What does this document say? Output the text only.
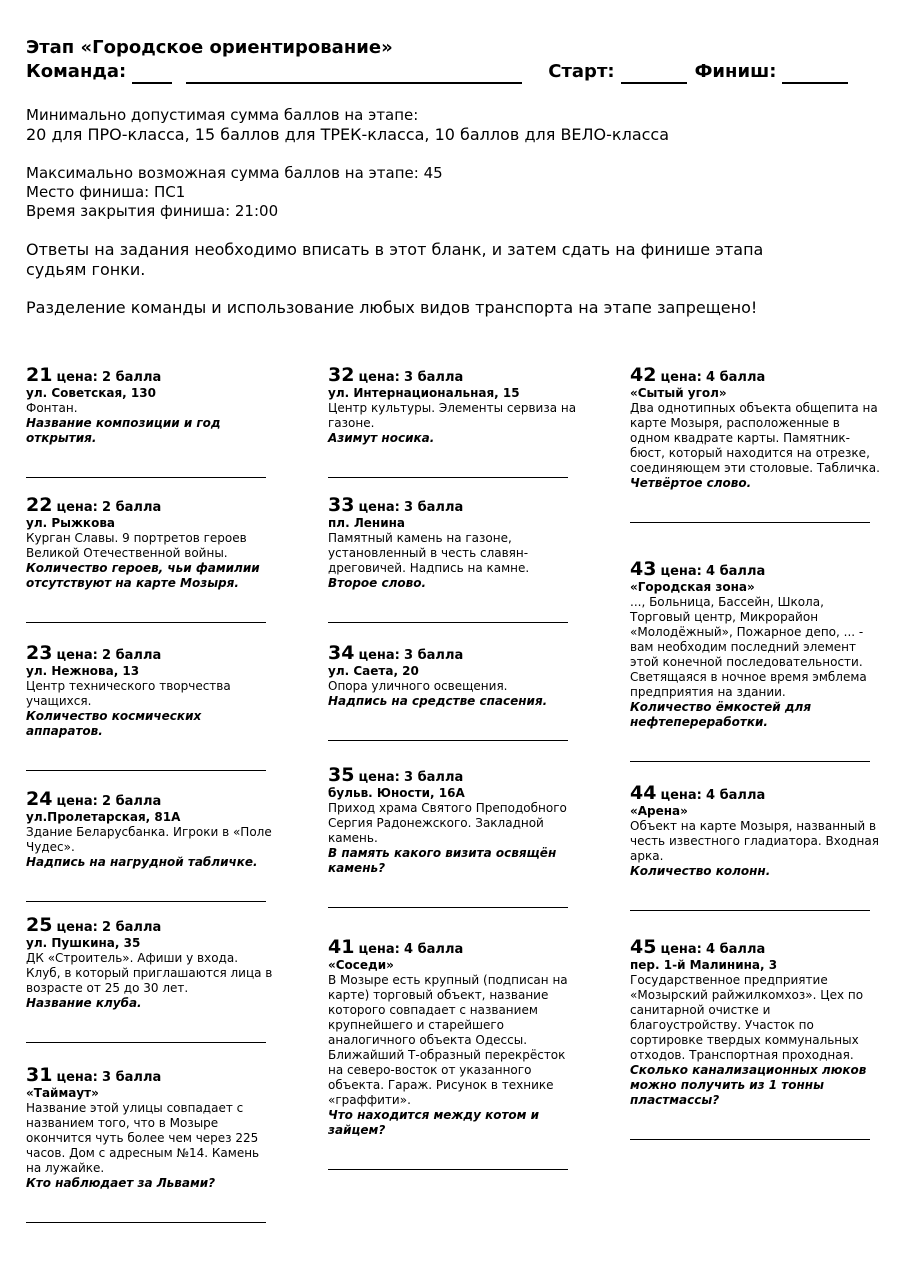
Этап «Городское ориентирование»
Команда:	Старт:	Финиш:

Минимально допустимая сумма баллов на этапе:

20 для ПРО-класса, 15 баллов для ТРЕК-класса, 10 баллов для ВЕЛО-класса

Максимально возможная сумма баллов на этапе: 45

Место финиша: ПС1

Время закрытия финиша: 21:00

Ответы на задания необходимо вписать в этот бланк, и затем сдать на финише этапа судьям гонки.
Разделение команды и использование любых видов транспорта на этапе запрещено!
21 цена: 2 балла
ул. Советская, 130
Фонтан.
Название композиции и год открытия.
22 цена: 2 балла
ул. Рыжкова
Курган Славы. 9 портретов героев Великой Отечественной войны.
Количество героев, чьи фамилии отсутствуют на карте Мозыря.
23 цена: 2 балла
ул. Нежнова, 13
Центр технического творчества учащихся.
Количество космических аппаратов.
24 цена: 2 балла
ул.Пролетарская, 81А
Здание Беларусбанка. Игроки в «Поле Чудес».
Надпись на нагрудной табличке.
25 цена: 2 балла
ул. Пушкина, 35
ДК «Строитель». Афиши у входа. Клуб, в который приглашаются лица в возрасте от 25 до 30 лет.
Название клуба.
31 цена: 3 балла
«Таймаут»
Название этой улицы совпадает с названием того, что в Мозыре окончится чуть более чем через 225 часов. Дом с адресным №14. Камень на лужайке.
Кто наблюдает за Львами?
32 цена: 3 балла
ул. Интернациональная, 15
Центр культуры. Элементы сервиза на газоне.
Азимут носика.
33 цена: 3 балла
пл. Ленина
Памятный камень на газоне, установленный в честь славян-дреговичей. Надпись на камне.
Второе слово.
34 цена: 3 балла
ул. Саета, 20
Опора уличного освещения.
Надпись на средстве спасения.
35 цена: 3 балла
бульв. Юности, 16А
Приход храма Святого Преподобного Сергия Радонежского. Закладной камень.
В память какого визита освящён камень?
41 цена: 4 балла
«Соседи»
В Мозыре есть крупный (подписан на карте) торговый объект, название которого совпадает с названием крупнейшего и старейшего аналогичного объекта Одессы. Ближайший Т-образный перекрёсток на северо-восток от указанного объекта. Гараж. Рисунок в технике «граффити».
Что находится между котом и зайцем?
42 цена: 4 балла
«Сытый угол»
Два однотипных объекта общепита на карте Мозыря, расположенные в одном квадрате карты. Памятник-бюст, который находится на отрезке, соединяющем эти столовые. Табличка.
Четвёртое слово.
43 цена: 4 балла
«Городская зона»
..., Больница, Бассейн, Школа, Торговый центр, Микрорайон «Молодёжный», Пожарное депо, ... - вам необходим последний элемент этой конечной последовательности. Светящаяся в ночное время эмблема предприятия на здании.
Количество ёмкостей для нефтепереработки.
44 цена: 4 балла
«Арена»
Объект на карте Мозыря, названный в честь известного гладиатора. Входная арка.
Количество колонн.
45 цена: 4 балла
пер. 1-й Малинина, 3
Государственное предприятие «Мозырский райжилкомхоз». Цех по санитарной очистке и благоустройству. Участок по сортировке твердых коммунальных отходов. Транспортная проходная.
Сколько канализационных люков можно получить из 1 тонны пластмассы?
